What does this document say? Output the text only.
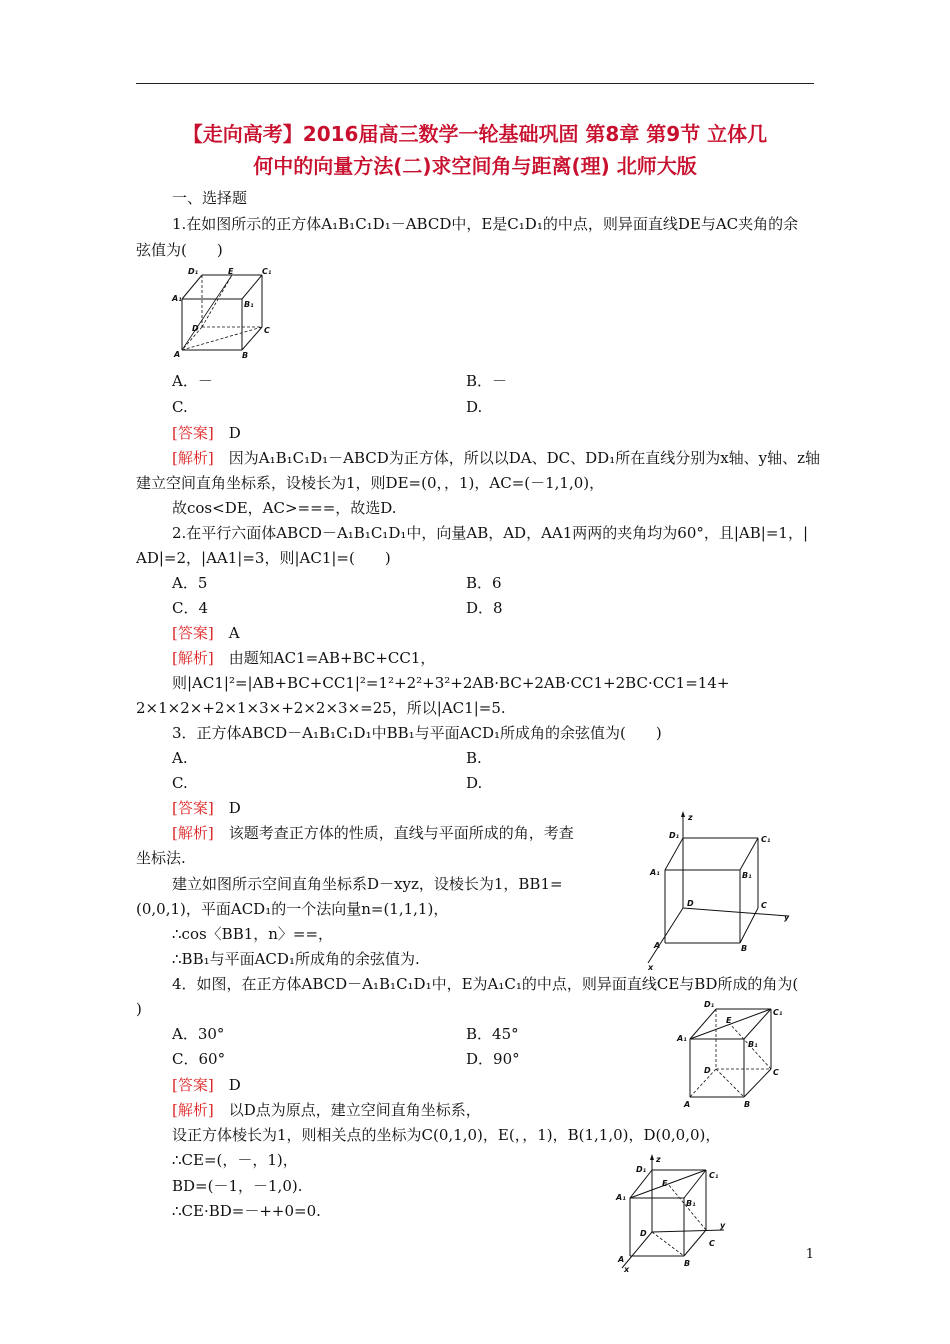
【走向高考】2016届高三数学一轮基础巩固 第8章 第9节 立体几
何中的向量方法(二)求空间角与距离(理) 北师大版
一、选择题
1.在如图所示的正方体A₁B₁C₁D₁－ABCD中，E是C₁D₁的中点，则异面直线DE与AC夹角的余
弦值为(　　)
D₁	E	C₁
A₁
B₁
D	C
A	B
A．－	B．－
C.	D.
[答案]　 D
[解析]　 因为A₁B₁C₁D₁－ABCD为正方体，所以以DA、DC、DD₁所在直线分别为x轴、y轴、z轴
建立空间直角坐标系，设棱长为1，则DE=(0，，1)，AC=(－1,1,0)，
故cos<DE，AC>===，故选D.
2.在平行六面体ABCD－A₁B₁C₁D₁中，向量AB，AD，AA1两两的夹角均为60°，且|AB|=1，|
AD|=2，|AA1|=3，则|AC1|=(　　)
A．5	B．6
C．4	D．8
[答案]　 A
[解析]　 由题知AC1=AB+BC+CC1，
则|AC1|²=|AB+BC+CC1|²=1²+2²+3²+2AB·BC+2AB·CC1+2BC·CC1=14+
2×1×2×+2×1×3×+2×2×3×=25，所以|AC1|=5.
3．正方体ABCD－A₁B₁C₁D₁中BB₁与平面ACD₁所成角的余弦值为(　　)
A.	B.
C.	D.
[答案]　 D
[解析]　 该题考查正方体的性质，直线与平面所成的角，考查
坐标法.
建立如图所示空间直角坐标系D－xyz，设棱长为1，BB1=
(0,0,1)，平面ACD₁的一个法向量n=(1,1,1)，
∴cos〈BB1，n〉==，
∴BB₁与平面ACD₁所成角的余弦值为.
z
y
x
D₁	C₁
A₁	B₁
D	C
A	B
4．如图，在正方体ABCD－A₁B₁C₁D₁中，E为A₁C₁的中点，则异面直线CE与BD所成的角为(
)
A．30°	B．45°
C．60°	D．90°
[答案]　 D
[解析]　 以D点为原点，建立空间直角坐标系，
设正方体棱长为1，则相关点的坐标为C(0,1,0)，E(，，1)，B(1,1,0)，D(0,0,0)，
∴CE=(，－，1)，
BD=(－1，－1,0).
∴CE·BD=－++0=0.
D₁
E
C₁
A₁
B₁
D	C
A	B
z
y
x
D₁
E
C₁
A₁
B₁
D
C
A	B
1
